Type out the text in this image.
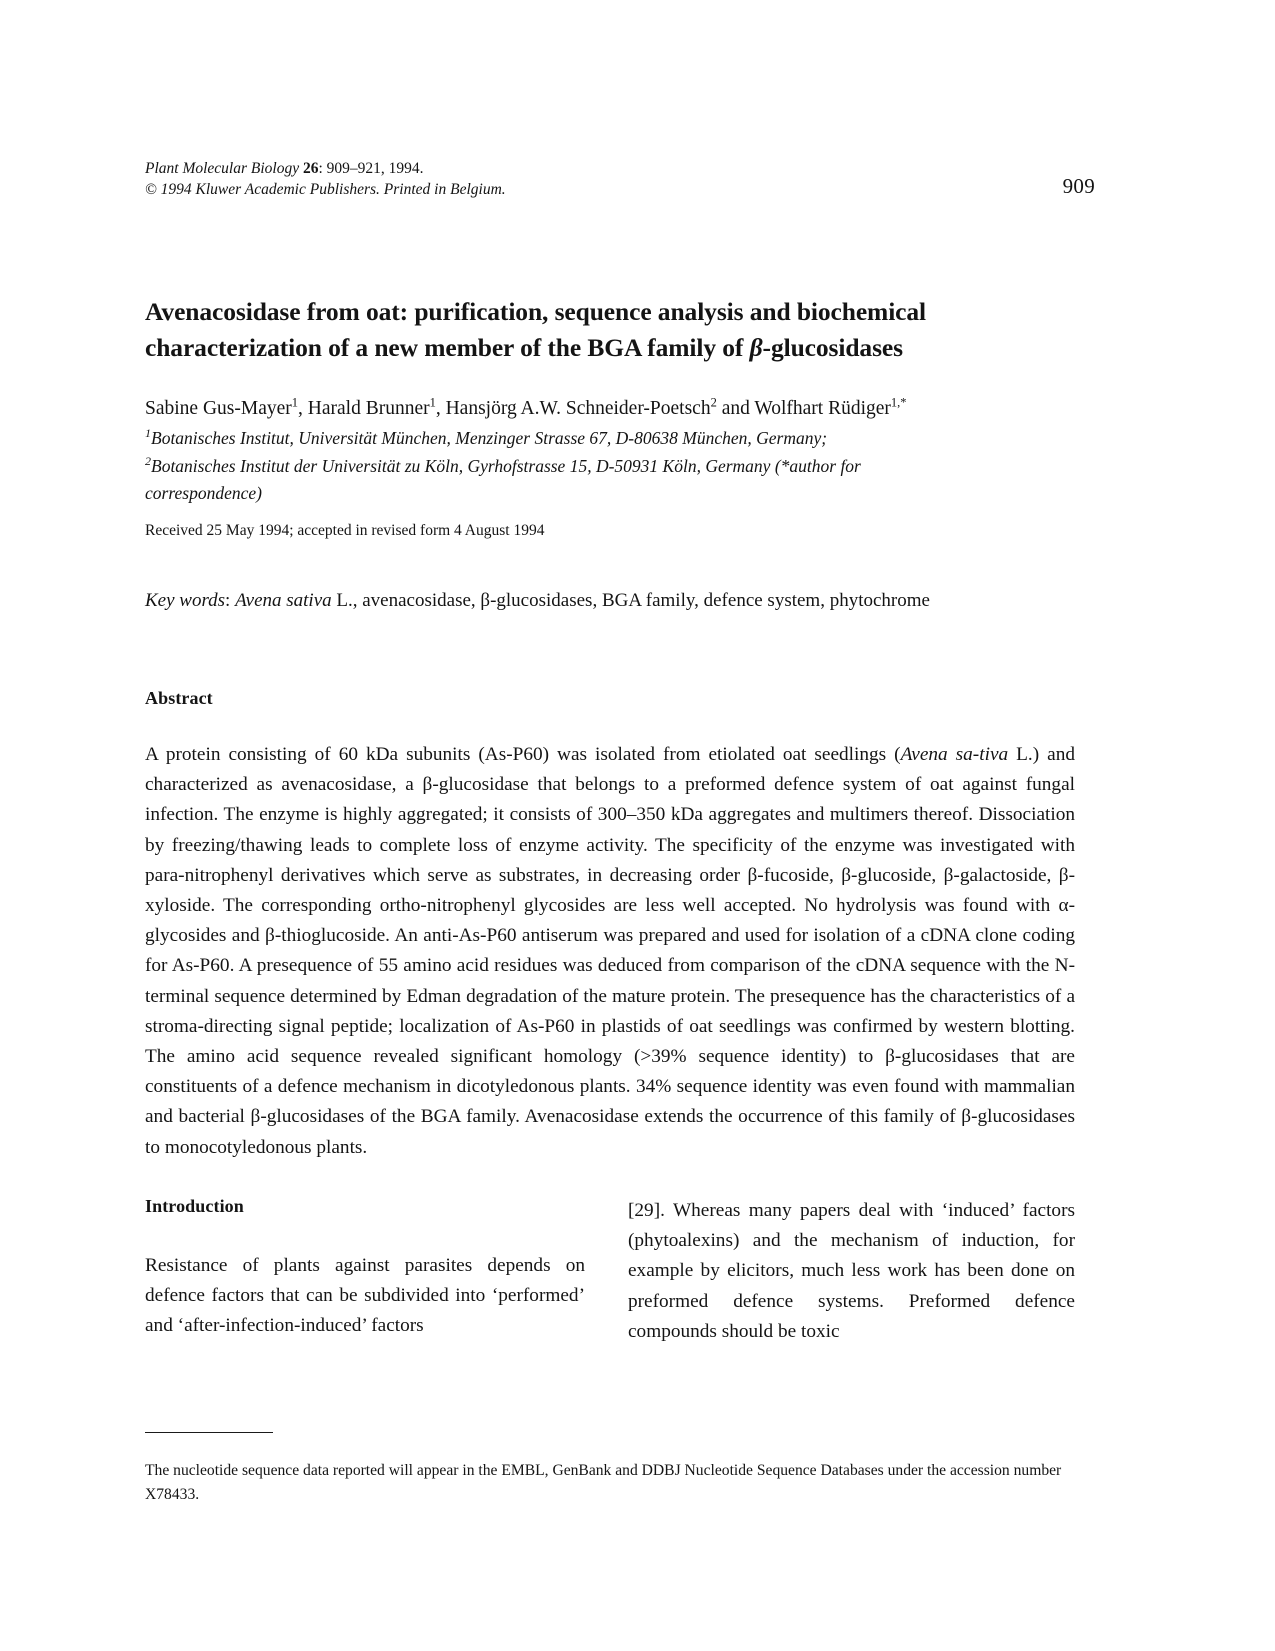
Plant Molecular Biology 26: 909–921, 1994.
© 1994 Kluwer Academic Publishers. Printed in Belgium.	909
Avenacosidase from oat: purification, sequence analysis and biochemical
characterization of a new member of the BGA family of β-glucosidases
Sabine Gus-Mayer$^1$, Harald Brunner$^1$, Hansjörg A.W. Schneider-Poetsch$^2$ and Wolfhart Rüdiger$^{1,*}$
$^1$Botanisches Institut, Universität München, Menzinger Strasse 67, D-80638 München, Germany;
$^2$Botanisches Institut der Universität zu Köln, Gyrhofstrasse 15, D-50931 Köln, Germany (*author for
correspondence)
Received 25 May 1994; accepted in revised form 4 August 1994
Key words: Avena sativa L., avenacosidase, β-glucosidases, BGA family, defence system, phytochrome
Abstract

A protein consisting of 60 kDa subunits (As-P60) was isolated from etiolated oat seedlings (Avena sa-tiva L.) and characterized as avenacosidase, a β-glucosidase that belongs to a preformed defence system of oat against fungal infection. The enzyme is highly aggregated; it consists of 300–350 kDa aggregates and multimers thereof. Dissociation by freezing/thawing leads to complete loss of enzyme activity. The specificity of the enzyme was investigated with para-nitrophenyl derivatives which serve as substrates, in decreasing order β-fucoside, β-glucoside, β-galactoside, β-xyloside. The corresponding ortho-nitrophenyl glycosides are less well accepted. No hydrolysis was found with α-glycosides and β-thioglucoside. An anti-As-P60 antiserum was prepared and used for isolation of a cDNA clone coding for As-P60. A presequence of 55 amino acid residues was deduced from comparison of the cDNA sequence with the N-terminal sequence determined by Edman degradation of the mature protein. The presequence has the characteristics of a stroma-directing signal peptide; localization of As-P60 in plastids of oat seedlings was confirmed by western blotting. The amino acid sequence revealed significant homology (>39% sequence identity) to β-glucosidases that are constituents of a defence mechanism in dicotyledonous plants. 34% sequence identity was even found with mammalian and bacterial β-glucosidases of the BGA family. Avenacosidase extends the occurrence of this family of β-glucosidases to monocotyledonous plants.

Introduction

Resistance of plants against parasites depends on defence factors that can be subdivided into ‘performed’ and ‘after-infection-induced’ factors

[29]. Whereas many papers deal with ‘induced’ factors (phytoalexins) and the mechanism of induction, for example by elicitors, much less work has been done on preformed defence systems. Preformed defence compounds should be toxic

The nucleotide sequence data reported will appear in the EMBL, GenBank and DDBJ Nucleotide Sequence Databases under the accession number X78433.
